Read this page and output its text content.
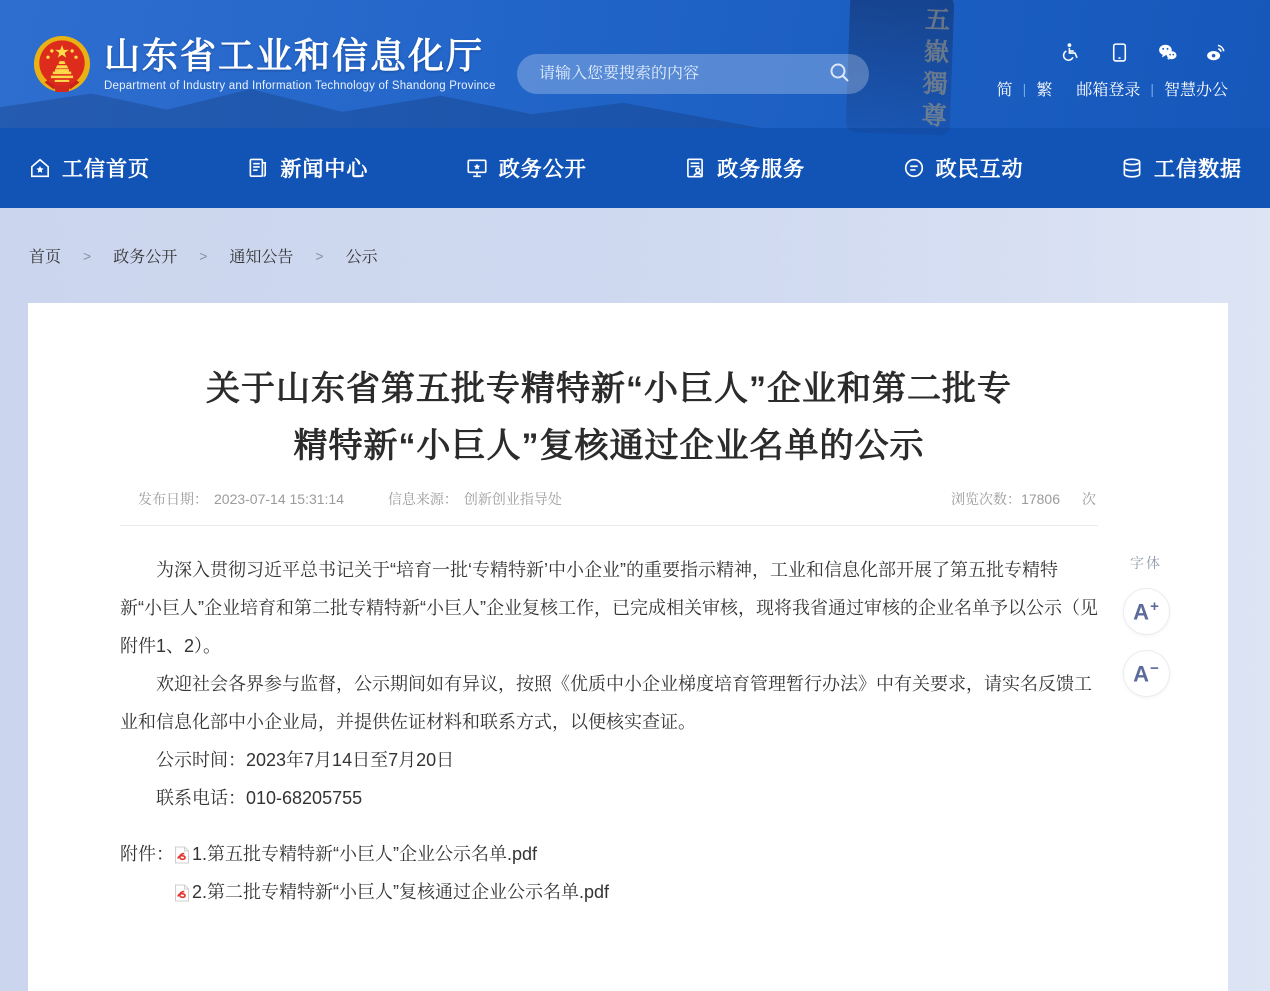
五嶽獨尊
山东省工业和信息化厅
Department of Industry and Information Technology of Shandong Province
请输入您要搜索的内容	简 | 繁 邮箱登录 | 智慧办公
工信首页	新闻中心	政务公开	政务服务	政民互动	工信数据
首页 > 政务公开 > 通知公告 > 公示
关于山东省第五批专精特新“小巨人”企业和第二批专
精特新“小巨人”复核通过企业名单的公示
发布日期： 2023-07-14 15:31:14	信息来源： 创新创业指导处	浏览次数：17806 次

为深入贯彻习近平总书记关于“培育一批‘专精特新’中小企业”的重要指示精神，工业和信息化部开展了第五批专精特新“小巨人”企业培育和第二批专精特新“小巨人”企业复核工作，已完成相关审核，现将我省通过审核的企业名单予以公示（见附件1、2）。

欢迎社会各界参与监督，公示期间如有异议，按照《优质中小企业梯度培育管理暂行办法》中有关要求，请实名反馈工业和信息化部中小企业局，并提供佐证材料和联系方式，以便核实查证。

公示时间：2023年7月14日至7月20日

联系电话：010-68205755

附件： 1.第五批专精特新“小巨人”企业公示名单.pdf
2.第二批专精特新“小巨人”复核通过企业公示名单.pdf
字体
A+ A−
